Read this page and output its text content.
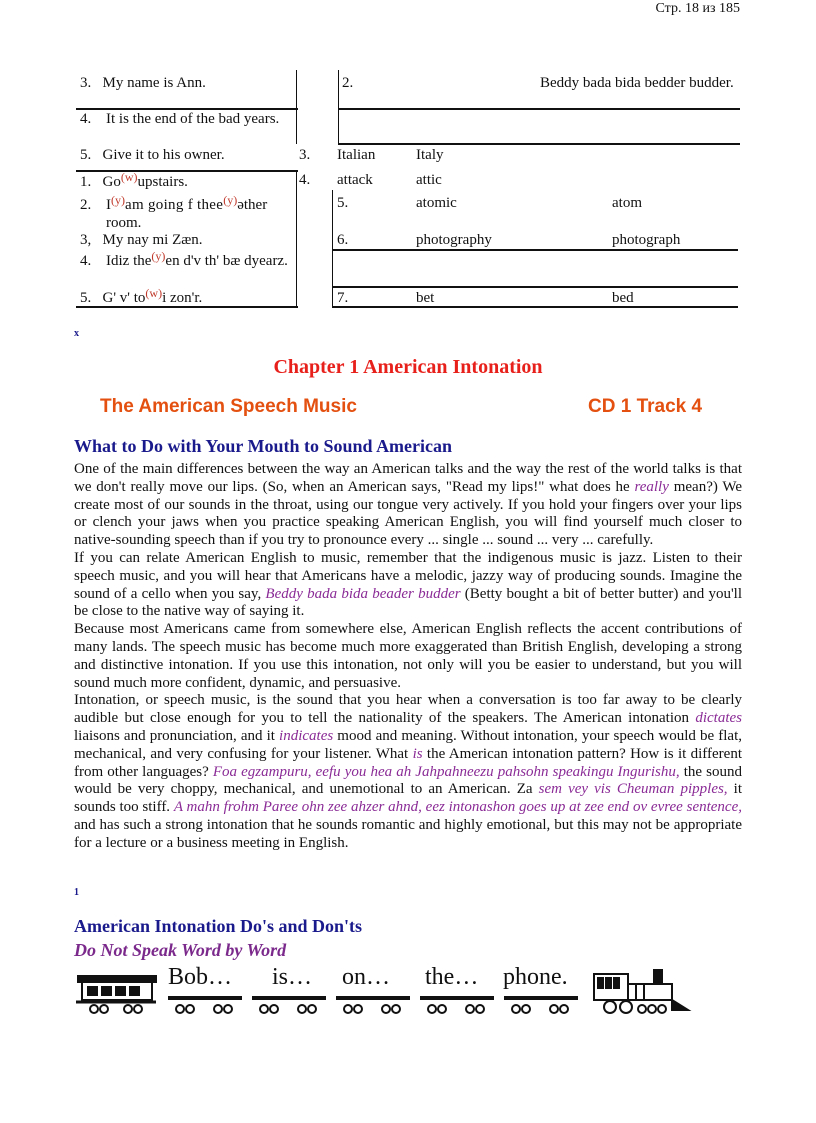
Стр. 18 из 185
3. My name is Ann.
4. It is the end of the bad years.
5. Give it to his owner.
1. Go$^{(w)}$upstairs.
2. $I^{(y)}am$ going f thee$^{(y)}$əther room.
3, My nay mi Zæn.
4. Idiz the$^{(y)}$en d'v th' bæ dyearz.
5. G' v' $to^{(w)}i$ zon'r.
2.	Beddy bada bida bedder budder.
3. Italian	Italy
4. attack	attic
5.	atomic	atom
6.	photography	photograph
7.	bet	bed
x
Chapter 1 American Intonation
The American Speech Music	CD 1 Track 4
What to Do with Your Mouth to Sound American

One of the main differences between the way an American talks and the way the rest of the world talks is that we don't really move our lips. (So, when an American says, "Read my lips!" what does he really mean?) We create most of our sounds in the throat, using our tongue very actively. If you hold your fingers over your lips or clench your jaws when you practice speaking American English, you will find yourself much closer to native-sounding speech than if you try to pronounce every ... single ... sound ... very ... carefully.

If you can relate American English to music, remember that the indigenous music is jazz. Listen to their speech music, and you will hear that Americans have a melodic, jazzy way of producing sounds. Imagine the sound of a cello when you say, Beddy bada bida beader budder (Betty bought a bit of better butter) and you'll be close to the native way of saying it.

Because most Americans came from somewhere else, American English reflects the accent contributions of many lands. The speech music has become much more exaggerated than British English, developing a strong and distinctive intonation. If you use this intonation, not only will you be easier to understand, but you will sound much more confident, dynamic, and persuasive.

Intonation, or speech music, is the sound that you hear when a conversation is too far away to be clearly audible but close enough for you to tell the nationality of the speakers. The American intonation dictates liaisons and pronunciation, and it indicates mood and meaning. Without intonation, your speech would be flat, mechanical, and very confusing for your listener. What is the American intonation pattern? How is it different from other languages? Foa egzampuru, eefu you hea ah Jahpahneezu pahsohn speakingu Ingurishu, the sound would be very choppy, mechanical, and unemotional to an American. Za sem vey vis Cheuman pipples, it sounds too stiff. A mahn frohm Paree ohn zee ahzer ahnd, eez intonashon goes up at zee end ov evree sentence, and has such a strong intonation that he sounds romantic and highly emotional, but this may not be appropriate for a lecture or a business meeting in English.

1
American Intonation Do's and Don'ts
Do Not Speak Word by Word
Bob… is… on… the… phone.
